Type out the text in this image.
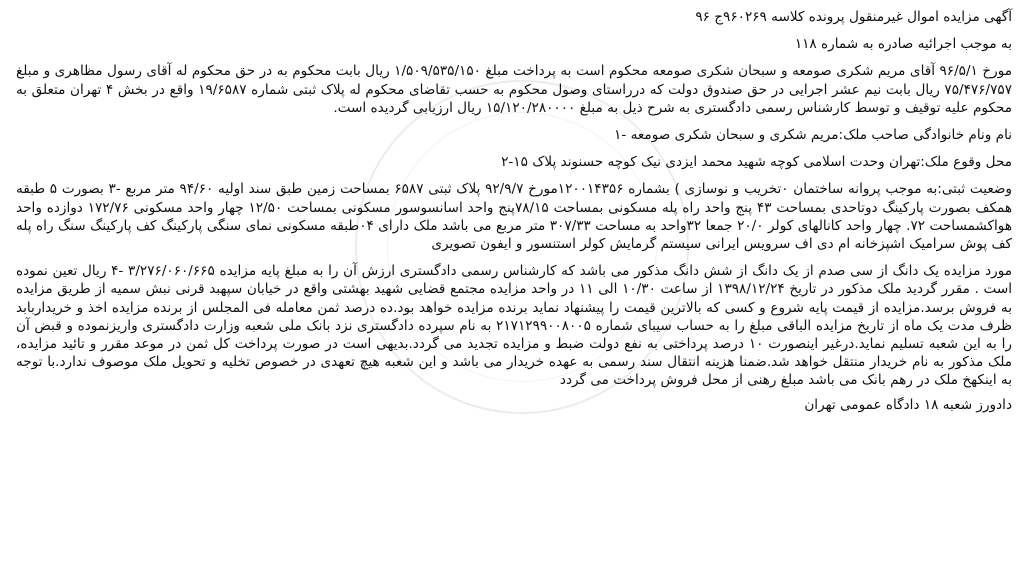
آگهی مزایده اموال غیرمنقول پرونده کلاسه ۹۶۰۲۶۹ج ۹۶

به موجب اجرائیه صادره به شماره ۱۱۸

مورخ ۹۶/۵/۱ آقای مریم شکری صومعه و سبحان شکری صومعه محکوم است به پرداخت مبلغ ۱/۵۰۹/۵۳۵/۱۵۰ ریال بابت محکوم به در حق محکوم له آقای رسول مظاهری و مبلغ ۷۵/۴۷۶/۷۵۷ ریال بابت نیم عشر اجرایی در حق صندوق دولت که درراستای وصول محکوم به حسب تقاضای محکوم له پلاک ثبتی شماره ۱۹/۶۵۸۷ واقع در بخش ۴ تهران متعلق به محکوم علیه توقیف و توسط کارشناس رسمی دادگستری به شرح ذیل به مبلغ ۱۵/۱۲۰/۲۸۰۰۰۰ ریال ارزیابی گردیده است.

نام ونام خانوادگی صاحب ملک:مریم شکری و سبحان شکری صومعه -۱

محل وقوع ملک:تهران وحدت اسلامی کوچه شهید محمد ایزدی نیک کوچه حسنوند پلاک ۱۵-۲

وضعیت ثبتی:به موجب پروانه ساختمان ۰تخریب و نوسازی ) بشماره ۱۲۰۰۱۴۳۵۶مورخ ۹۲/۹/۷ پلاک ثبتی ۶۵۸۷ بمساحت زمین طبق سند اولیه ۹۴/۶۰ متر مربع -۳ بصورت ۵ طبقه همکف بصورت پارکینگ دوتاحدی بمساحت ۴۳ پنج واحد راه پله مسکونی بمساحت ۷۸/۱۵پنج واحد اسانسوسور مسکونی بمساحت ۱۲/۵۰ چهار واحد مسکونی ۱۷۲/۷۶ دوازده واحد هواکشمساحت ۷۲. چهار واحد کانالهای کولر ۲۰/۰ جمعا ۳۲واحد به مساحت ۳۰۷/۳۳ متر مربع می باشد ملک دارای ۰۴طبقه مسکونی نمای سنگی پارکینگ کف پارکینگ سنگ راه پله کف پوش سرامیک اشپزخانه ام دی اف سرویس ایرانی سیستم گرمایش کولر استنسور و ایفون تصویری

مورد مزایده یک دانگ از سی صدم از یک دانگ از شش دانگ مذکور می باشد که کارشناس رسمی دادگستری ارزش آن را به مبلغ پایه مزایده ۳/۲۷۶/۰۶۰/۶۶۵ -۴ ریال تعین نموده است . مقرر گردید ملک مذکور در تاریخ ۱۳۹۸/۱۲/۲۴ از ساعت ۱۰/۳۰ الی ۱۱ در واحد مزایده مجتمع قضایی شهید بهشتی واقع در خیابان سپهبد قرنی نبش سمیه از طریق مزایده به فروش برسد.مزایده از قیمت پایه شروع و کسی که بالاترین قیمت را پیشنهاد نماید برنده مزایده خواهد بود.ده درصد ثمن معامله فی المجلس از برنده مزایده اخذ و خریداربابد ظرف مدت یک ماه از تاریخ مزایده الباقی مبلغ را به حساب سیبای شماره ۲۱۷۱۲۹۹۰۰۸۰۰۵ به نام سپرده دادگستری نزد بانک ملی شعبه وزارت دادگستری واریزنموده و قبض آن را به این شعبه تسلیم نماید.درغیر اینصورت ۱۰ درصد پرداختی به نفع دولت ضبط و مزایده تجدید می گردد.بدیهی است در صورت پرداخت کل ثمن در موعد مقرر و تائید مزایده، ملک مذکور به نام خریدار منتقل خواهد شد.ضمنا هزینه انتقال سند رسمی به عهده خریدار می باشد و این شعبه هیچ تعهدی در خصوص تخلیه و تحویل ملک موصوف ندارد.با توجه به اینکهخ ملک در رهم بانک می باشد مبلغ رهنی از محل فروش پرداخت می گردد

دادورز شعبه ۱۸ دادگاه عمومی تهران
